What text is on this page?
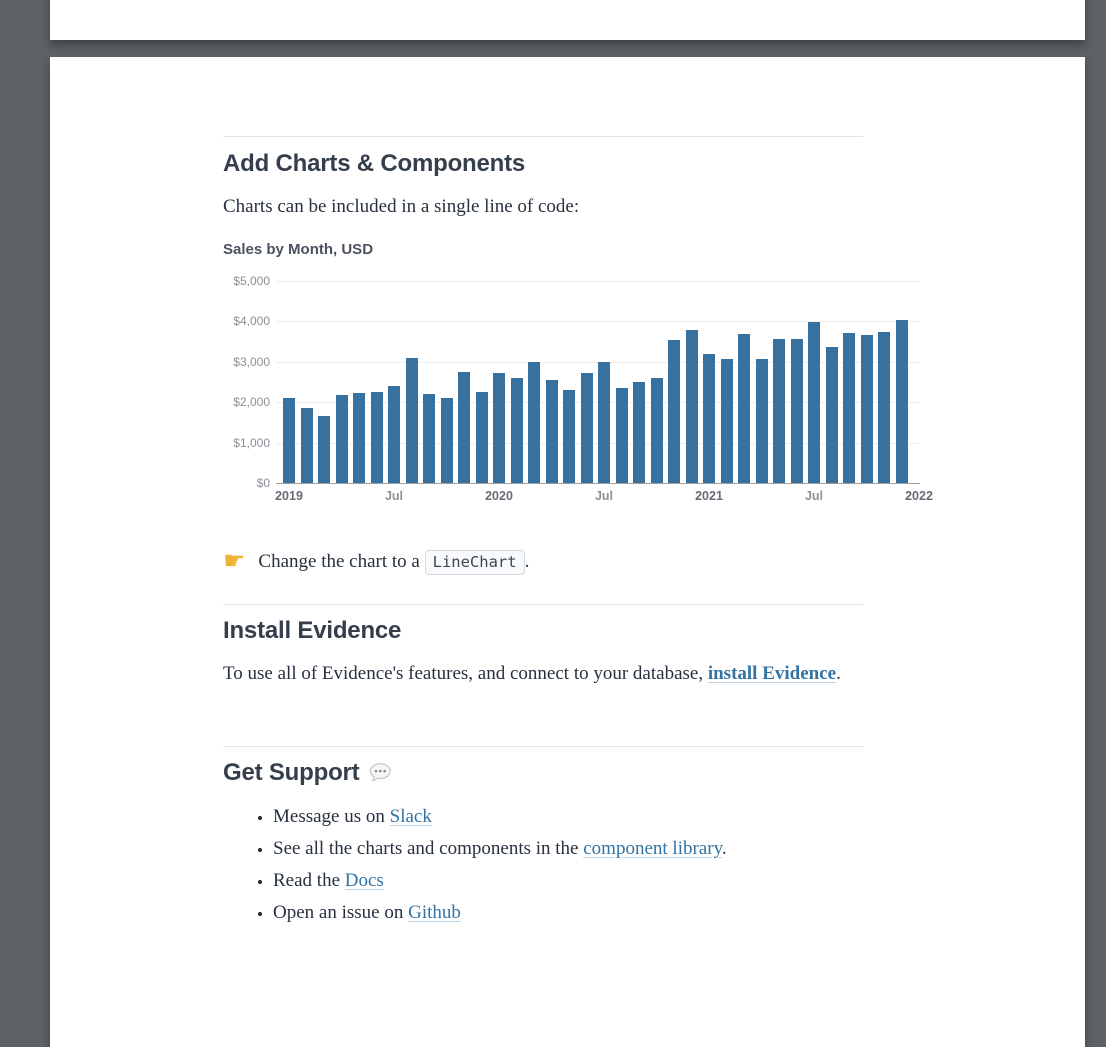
Add Charts & Components

Charts can be included in a single line of code:

Sales by Month, USD
$5,000
$4,000
$3,000
$2,000
$1,000
$0
2019	Jul	2020	Jul	2021	Jul	2022
☛ Change the chart to a LineChart .
Install Evidence

To use all of Evidence's features, and connect to your database, install Evidence.

Get Support
• Message us on Slack
• See all the charts and components in the component library.
• Read the Docs
• Open an issue on Github
